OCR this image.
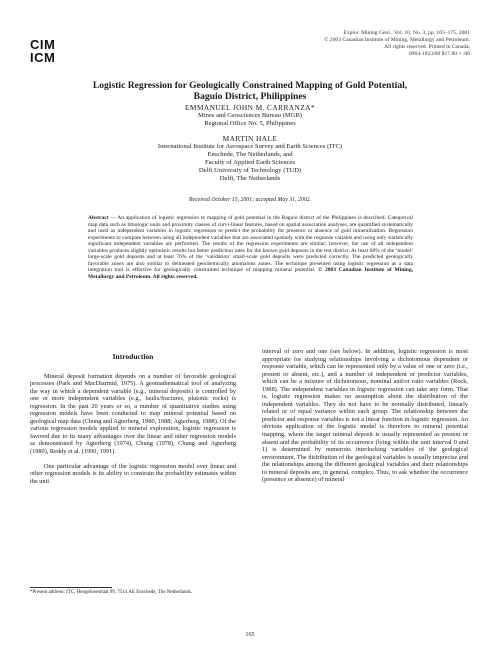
CIM
ICM
Explor. Mining Geol., Vol. 10, No. 3, pp. 165–175, 2001
© 2003 Canadian Institute of Mining, Metallurgy and Petroleum.
All rights reserved. Printed in Canada.
0964-1823/00 $17.00 + .00
Logistic Regression for Geologically Constrained Mapping of Gold Potential,
Baguio District, Philippines
EMMANUEL JOHN M. CARRANZA*

Mines and Geosciences Bureau (MGB)

Regional Office No. 5, Philippines

MARTIN HALE

International Institute for Aerospace Survey and Earth Sciences (ITC)

Enschede, The Netherlands, and

Faculty of Applied Earth Sciences

Delft University of Technology (TUD)

Delft, The Netherlands

Received October 15, 2001; accepted May 31, 2002.
Abstract — An application of logistic regression to mapping of gold potential in the Baguio district of the Philippines is described. Categorical map data such as lithologic units and proximity classes of curvi-linear features, based on spatial association analyses, are quantified systematically and used as independent variables in logistic regression to predict the probability for presence or absence of gold mineralization. Regression experiments to compare between using all independent variables that are associated spatially with the response variable and using only statistically significant independent variables are performed. The results of the regression experiments are similar; however, the use of all independent variables produces slightly optimistic results but better prediction rates for the known gold deposits in the test district. At least 68% of the ‘model’ large-scale gold deposits and at least 76% of the ‘validation’ small-scale gold deposits were predicted correctly. The predicted geologically favorable zones are also similar to delineated geochemically anomalous zones. The technique presented using logistic regression as a data integration tool is effective for geologically constrained technique of mapping mineral potential. © 2003 Canadian Institute of Mining, Metallurgy and Petroleum. All rights reserved.
Introduction

Mineral deposit formation depends on a number of favorable geological processes (Park and MacDiarmid, 1975). A geomathematical tool of analyzing the way in which a dependent variable (e.g., mineral deposits) is controlled by one or more independent variables (e.g., faults/fractures, plutonic rocks) is regression. In the past 20 years or so, a number of quantitative studies using regression models have been conducted to map mineral potential based on geological map data (Chung and Agterberg, 1980, 1988; Agterberg, 1988). Of the various regression models applied to mineral exploration, logistic regression is favored due to its many advantages over the linear and other regression models as demonstrated by Agterberg (1974), Chung (1978), Chung and Agterberg (1980), Reddy et al. (1990, 1991).

One particular advantage of the logistic regression model over linear and other regression models is its ability to constrain the probability estimates within the unit

interval of zero and one (see below). In addition, logistic regression is most appropriate for studying relationships involving a dichotomous dependent or response variable, which can be represented only by a value of one or zero (i.e., present or absent, etc.), and a number of independent or predictor variables, which can be a mixture of dichotomous, nominal and/or ratio variables (Rock, 1988). The independent variables in logistic regression can take any form. That is, logistic regression makes no assumption about the distribution of the independent variables. They do not have to be normally distributed, linearly related or of equal variance within each group. The relationship between the predictor and response variables is not a linear function in logistic regression. An obvious application of the logistic model is therefore to mineral potential mapping, where the target mineral deposit is usually represented as present or absent and the probability of its occurrence (lying within the unit interval 0 and 1) is determined by numerous interlocking variables of the geological environment. The distribution of the geological variables is usually imprecise and the relationships among the different geological variables and their relationships to mineral deposits are, in general, complex. Thus, to ask whether the occurrence (presence or absence) of mineral

*Present address: ITC, Hengelosestraat 99, 7514 AE Enschede, The Netherlands.
165
